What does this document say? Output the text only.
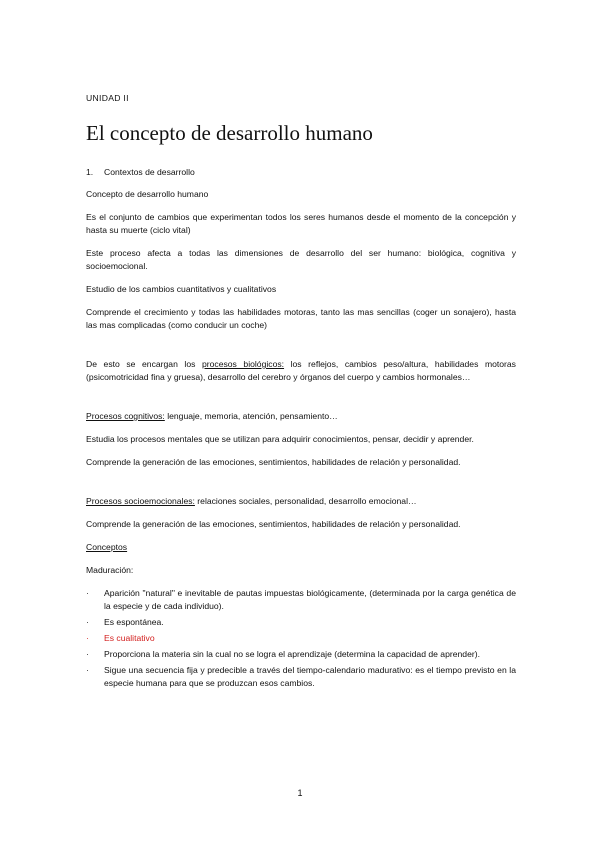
UNIDAD II
El concepto de desarrollo humano
1. Contextos de desarrollo

Concepto de desarrollo humano

Es el conjunto de cambios que experimentan todos los seres humanos desde el momento de la concepción y hasta su muerte (ciclo vital)

Este proceso afecta a todas las dimensiones de desarrollo del ser humano: biológica, cognitiva y socioemocional.

Estudio de los cambios cuantitativos y cualitativos

Comprende el crecimiento y todas las habilidades motoras, tanto las mas sencillas (coger un sonajero), hasta las mas complicadas (como conducir un coche)

De esto se encargan los procesos biológicos: los reflejos, cambios peso/altura, habilidades motoras (psicomotricidad fina y gruesa), desarrollo del cerebro y órganos del cuerpo y cambios hormonales…

Procesos cognitivos: lenguaje, memoria, atención, pensamiento…

Estudia los procesos mentales que se utilizan para adquirir conocimientos, pensar, decidir y aprender.

Comprende la generación de las emociones, sentimientos, habilidades de relación y personalidad.

Procesos socioemocionales: relaciones sociales, personalidad, desarrollo emocional…

Comprende la generación de las emociones, sentimientos, habilidades de relación y personalidad.

Conceptos

Maduración:

· Aparición "natural" e inevitable de pautas impuestas biológicamente, (determinada por la carga genética de la especie y de cada individuo).
· Es espontánea.
· Es cualitativo
· Proporciona la materia sin la cual no se logra el aprendizaje (determina la capacidad de aprender).
· Sigue una secuencia fija y predecible a través del tiempo-calendario madurativo: es el tiempo previsto en la especie humana para que se produzcan esos cambios.
1
